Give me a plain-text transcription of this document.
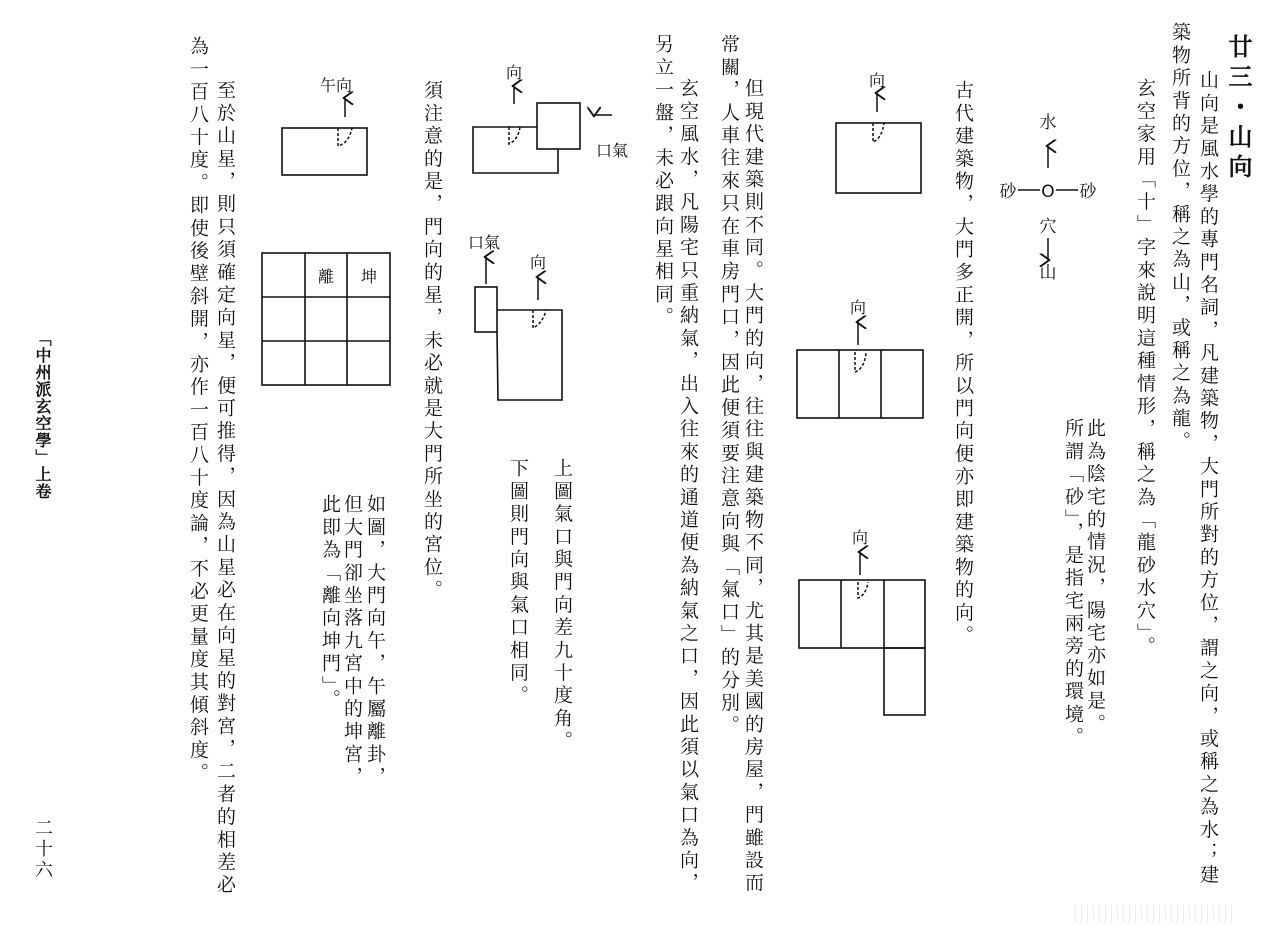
廿三・山向
山向是風水學的專門名詞，凡建築物，大門所對的方位，謂之向，或稱之為水；建
築物所背的方位，稱之為山，或稱之為龍。
玄空家用「十」字來說明這種情形，稱之為「龍砂水穴」。
此為陰宅的情況，陽宅亦如是。
所謂「砂」，是指宅兩旁的環境。
古代建築物，大門多正開，所以門向便亦即建築物的向。
但現代建築則不同。大門的向，往往與建築物不同，尤其是美國的房屋，門雖設而
常關，人車往來只在車房門口，因此便須要注意向與「氣口」的分別。
玄空風水，凡陽宅只重納氣，出入往來的通道便為納氣之口，因此須以氣口為向，
另立一盤，未必跟向星相同。
上圖氣口與門向差九十度角。
下圖則門向與氣口相同。
須注意的是，門向的星，未必就是大門所坐的宮位。
如圖，大門向午，午屬離卦，
但大門卻坐落九宮中的坤宮，
此即為「離向坤門」。
至於山星，則只須確定向星，便可推得，因為山星必在向星的對宮，二者的相差必
為一百八十度。即使後壁斜開，亦作一百八十度論，不必更量度其傾斜度。
「中州派玄空學」上卷
二十六
水
砂 O 砂
穴
山
向
向
向
向
口氣
口氣
向
午向
離 坤
